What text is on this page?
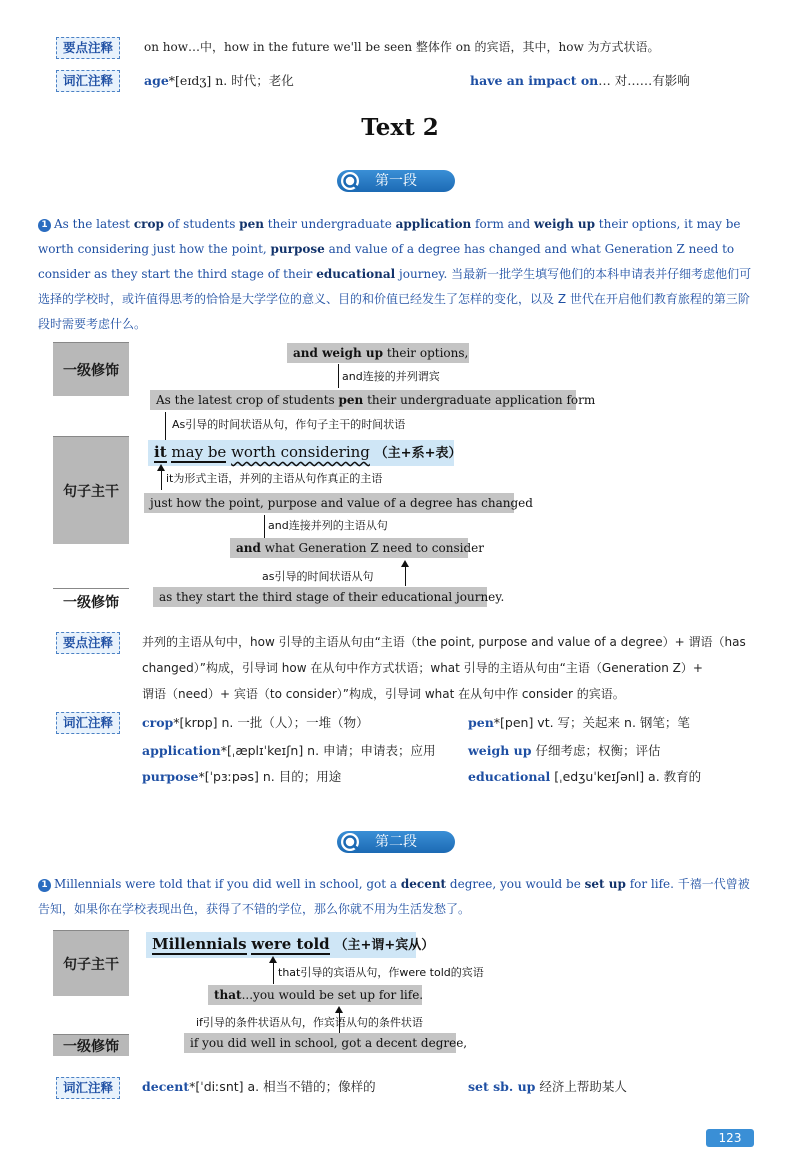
要点注释	on how…中，how in the future we'll be seen 整体作 on 的宾语，其中，how 为方式状语。
词汇注释	age*[eɪdʒ] n. 时代；老化	have an impact on… 对……有影响
Text 2
第一段
1 As the latest crop of students pen their undergraduate application form and weigh up their options, it may be worth considering just how the point, purpose and value of a degree has changed and what Generation Z need to consider as they start the third stage of their educational journey. 当最新一批学生填写他们的本科申请表并仔细考虑他们可选择的学校时，或许值得思考的恰恰是大学学位的意义、目的和价值已经发生了怎样的变化，以及 Z 世代在开启他们教育旅程的第三阶段时需要考虑什么。
一级修饰
句子主干
一级修饰
and weigh up their options,
and连接的并列谓宾
As the latest crop of students pen their undergraduate application form
As引导的时间状语从句，作句子主干的时间状语
it may be worth considering （主+系+表）
it为形式主语，并列的主语从句作真正的主语
just how the point, purpose and value of a degree has changed
and连接并列的主语从句
and what Generation Z need to consider
as引导的时间状语从句
as they start the third stage of their educational journey.
要点注释	并列的主语从句中，how 引导的主语从句由“主语（the point, purpose and value of a degree）+ 谓语（has
changed）”构成，引导词 how 在从句中作方式状语；what 引导的主语从句由“主语（Generation Z）+
谓语（need）+ 宾语（to consider）”构成，引导词 what 在从句中作 consider 的宾语。
词汇注释	crop*[krɒp] n. 一批（人）；一堆（物）	pen*[pen] vt. 写；关起来 n. 钢笔；笔
application*[ˌæplɪˈkeɪʃn] n. 申请；申请表；应用	weigh up 仔细考虑；权衡；评估
purpose*[ˈpɜːpəs] n. 目的；用途	educational [ˌedʒuˈkeɪʃənl] a. 教育的
第二段
1 Millennials were told that if you did well in school, got a decent degree, you would be set up for life. 千禧一代曾被告知，如果你在学校表现出色，获得了不错的学位，那么你就不用为生活发愁了。
句子主干
一级修饰
Millennials were told （主+谓+宾从）
that引导的宾语从句，作were told的宾语
that...you would be set up for life.
if引导的条件状语从句，作宾语从句的条件状语
if you did well in school, got a decent degree,
词汇注释	decent*[ˈdiːsnt] a. 相当不错的；像样的	set sb. up 经济上帮助某人
123
